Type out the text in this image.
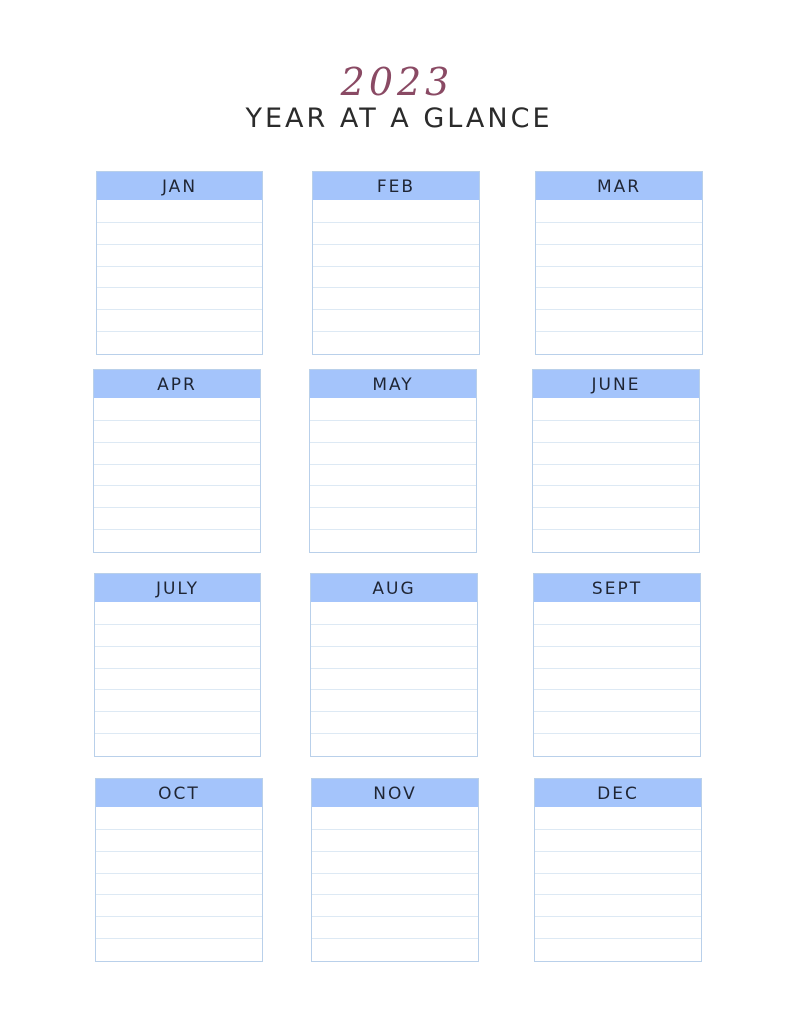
2023
YEAR AT A GLANCE
JAN	FEB	MAR
APR	MAY	JUNE
JULY	AUG	SEPT
OCT	NOV	DEC
